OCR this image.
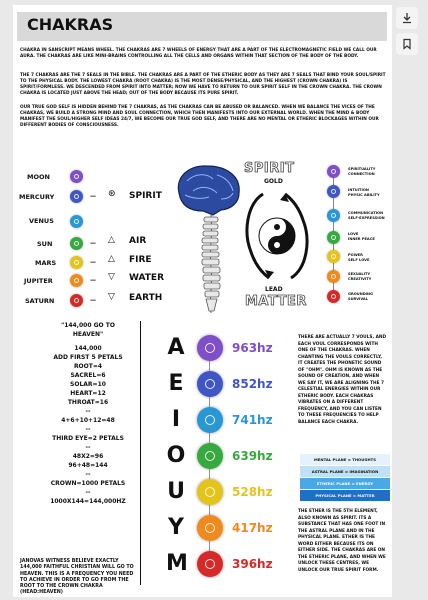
CHAKRAS
CHAKRA IN SANSCRIPT MEANS WHEEL. THE CHAKRAS ARE 7 WHEELS OF ENERGY THAT ARE A PART OF THE ELECTROMAGNETIC FIELD WE CALL OUR AURA. THE CHAKRAS ARE LIKE MINI-BRAINS CONTROLLING ALL THE CELLS AND ORGANS WITHIN THAT SECTION OF THE BODY OF THE BODY.
THE 7 CHAKRAS ARE THE 7 SEALS IN THE BIBLE. THE CHAKRAS ARE A PART OF THE ETHERIC BODY AS THEY ARE 7 SEALS THAT BIND YOUR SOUL/SPIRIT TO THE PHYSICAL BODY. THE LOWEST CHAKRA (ROOT CHAKRA) IS THE MOST DENSE/PHYSICAL, AND THE HIGHEST (CROWN CHAKRA) IS SPIRIT/FORMLESS. WE DESCENDED FROM SPIRIT INTO MATTER; NOW WE HAVE TO RETURN TO OUR SPIRIT SELF IN THE CROWN CHAKRA. THE CROWN CHAKRA IS LOCATED JUST ABOVE THE HEAD; OUT OF THE BODY BECAUSE ITS PURE SPIRIT.
OUR TRUE GOD SELF IS HIDDEN BEHIND THE 7 CHAKRAS, AS THE CHAKRAS CAN BE ABUSED OR BALANCED. WHEN WE BALANCE THE VICES OF THE CHAKRAS, WE BUILD A STRONG MIND AND SOUL CONNECTION, WHICH THEN MANIFESTS INTO OUR EXTERNAL WORLD. WHEN THE MIND & BODY MANIFEST THE SOUL/HIGHER SELF IDEAS 24/7, WE BECOME OUR TRUE GOD SELF, AND THERE ARE NO MENTAL OR ETHERIC BLOCKAGES WITHIN OUR DIFFERENT BODIES OF CONSCIOUSNESS.
MOON
MERCURY
VENUS
SUN
MARS
JUPITER
SATURN
— ⊛ SPIRIT
— △ AIR
— △ FIRE
— ▽ WATER
— ▽ EARTH
SPIRIT
GOLD
LEAD
MATTER
SPIRITUALITY
CONNECTION
INTUITION
PHYSIC ABILITY
COMMUNICATION
SELF-EXPRESSION
LOVE
INNER PEACE
POWER
SELF LOVE
SEXUALITY
CREATIVITY
GROUNDING
SURVIVAL
"144,000 GO TO
HEAVEN"
144,000
ADD FIRST 5 PETALS
ROOT=4
SACREL=6
SOLAR=10
HEART=12
THROAT=16
--
4+6+10+12=48
--
THIRD EYE=2 PETALS
--
48X2=96
96+48=144
--
CROWN=1000 PETALS
--
1000X144=144,000HZ
JANOVAS WITNESS BELIEVE EXACTLY 144,000 FAITHFUL CHRISTIAN WILL GO TO HEAVEN. THIS IS A FREQUENCY YOU NEED TO ACHIEVE IN ORDER TO GO FROM THE ROOT TO THE CROWN CHAKRA (HEAD:HEAVEN)
A
E
I
O
U
Y
M
963hz
852hz
741hz
639hz
528hz
417hz
396hz
THERE ARE ACTUALLY 7 VOULS, AND EACH VOUL CORRESPONDS WITH ONE OF THE CHAKRAS. WHEN CHANTING THE VOULS CORRECTLY, IT CREATES THE PHONETIC SOUND OF "OHM". OHM IS KNOWN AS THE SOUND OF CREATION, AND WHEN WE SAY IT, WE ARE ALIGNING THE 7 CELESTIAL ENERGIES WITHIN OUR ETHERIC BODY. EACH CHAKRAS VIBRATES ON A DIFFERENT FREQUENCY, AND YOU CAN LISTEN TO THESE FREQUENCIES TO HELP BALANCE EACH CHAKRA.
MENTAL PLANE = THOUGHTS
ASTRAL PLANE = IMAGINATION
ETHERIC PLANE = ENERGY
PHYSICAL PLANE = MATTER
THE ETHER IS THE 5TH ELEMENT, ALSO KNOWN AS SPIRIT. ITS A SUBSTANCE THAT HAS ONE FOOT IN THE ASTRAL PLANE AND IN THE PHYSICAL PLANE. ETHER IS THE WORD EITHER BECAUSE ITS ON EITHER SIDE. THE CHAKRAS ARE ON THE ETHERIC PLANE, AND WHEN WE UNLOCK THESE CENTRES, WE UNLOCK OUR TRUE SPIRIT FORM.
